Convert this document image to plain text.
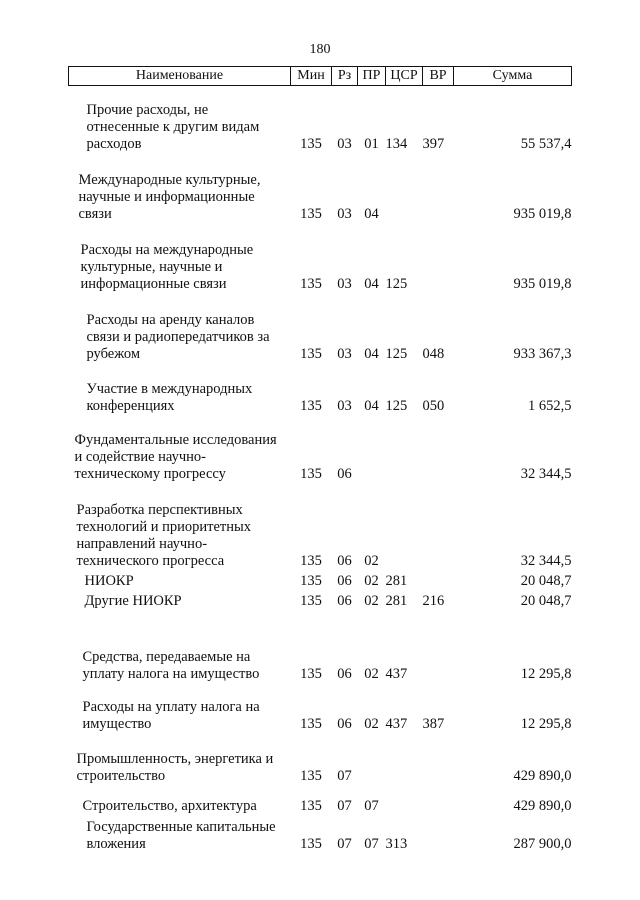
180
Наименование	Мин	Рз	ПР	ЦСР	ВР	Сумма
Прочие расходы, не
отнесенные к другим видам
расходов	135	03	01	134	397	55 537,4
Международные культурные,
научные и информационные
связи	135	03	04			935 019,8
Расходы на международные
культурные, научные и
информационные связи	135	03	04	125		935 019,8
Расходы на аренду каналов
связи и радиопередатчиков за
рубежом	135	03	04	125	048	933 367,3
Участие в международных
конференциях	135	03	04	125	050	1 652,5
Фундаментальные исследования
и содействие научно-
техническому прогрессу	135	06				32 344,5
Разработка перспективных
технологий и приоритетных
направлений научно-
технического прогресса	135	06	02			32 344,5
НИОКР	135	06	02	281		20 048,7
Другие НИОКР	135	06	02	281	216	20 048,7
Средства, передаваемые на
уплату налога на имущество	135	06	02	437		12 295,8
Расходы на уплату налога на
имущество	135	06	02	437	387	12 295,8
Промышленность, энергетика и
строительство	135	07				429 890,0
Строительство, архитектура	135	07	07			429 890,0
Государственные капитальные
вложения	135	07	07	313		287 900,0
